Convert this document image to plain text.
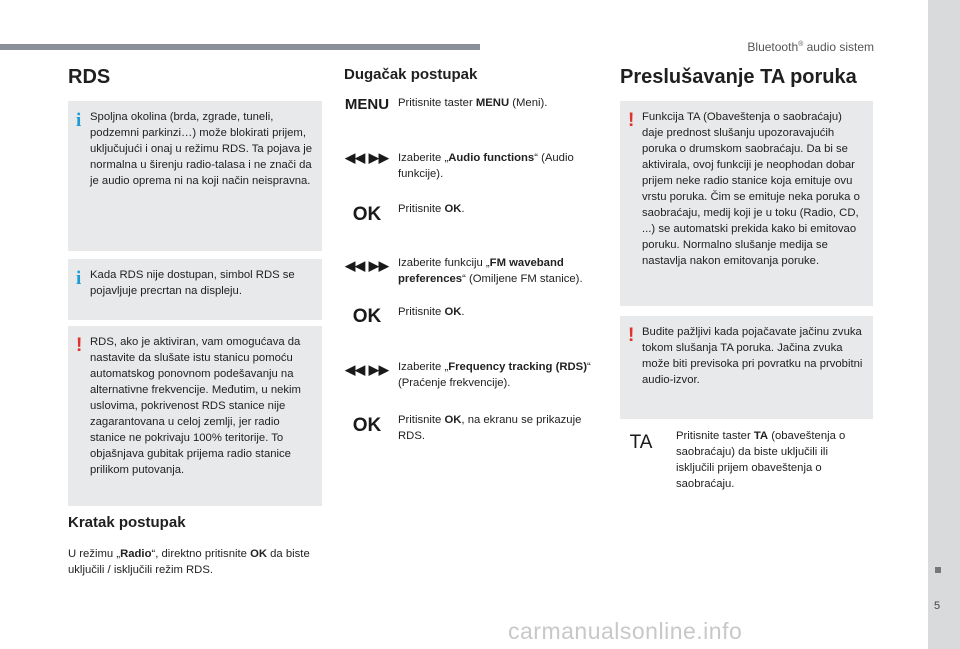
Bluetooth® audio sistem
5
RDS
i Spoljna okolina (brda, zgrade, tuneli, podzemni parkinzi…) može blokirati prijem, uključujući i onaj u režimu RDS. Ta pojava je normalna u širenju radio-talasa i ne znači da je audio oprema ni na koji način neispravna.

i Kada RDS nije dostupan, simbol RDS se pojavljuje precrtan na displeju.

! RDS, ako je aktiviran, vam omogućava da nastavite da slušate istu stanicu pomoću automatskog ponovnom podešavanju na alternativne frekvencije. Međutim, u nekim uslovima, pokrivenost RDS stanice nije zagarantovana u celoj zemlji, jer radio stanice ne pokrivaju 100% teritorije. To objašnjava gubitak prijema radio stanice prilikom putovanja.

Kratak postupak
U režimu „Radio“, direktno pritisnite OK da biste uključili / isključili režim RDS.
Dugačak postupak
MENU Pritisnite taster MENU (Meni).
◀◀ ▶▶ Izaberite „Audio functions“ (Audio funkcije).
OK	Pritisnite OK.
◀◀ ▶▶ Izaberite funkciju „FM waveband preferences“ (Omiljene FM stanice).
OK	Pritisnite OK.
◀◀ ▶▶ Izaberite „Frequency tracking (RDS)“ (Praćenje frekvencije).
OK	Pritisnite OK, na ekranu se prikazuje RDS.
Preslušavanje TA poruka
! Funkcija TA (Obaveštenja o saobraćaju) daje prednost slušanju upozoravajućih poruka o drumskom saobraćaju. Da bi se aktivirala, ovoj funkciji je neophodan dobar prijem neke radio stanice koja emituje ovu vrstu poruka. Čim se emituje neka poruka o saobraćaju, medij koji je u toku (Radio, CD, ...) se automatski prekida kako bi emitovao poruku. Normalno slušanje medija se nastavlja nakon emitovanja poruke.

! Budite pažljivi kada pojačavate jačinu zvuka tokom slušanja TA poruka. Jačina zvuka može biti previsoka pri povratku na prvobitni audio-izvor.

TA	Pritisnite taster TA (obaveštenja o saobraćaju) da biste uključili ili isključili prijem obaveštenja o saobraćaju.
carmanualsonline.info
